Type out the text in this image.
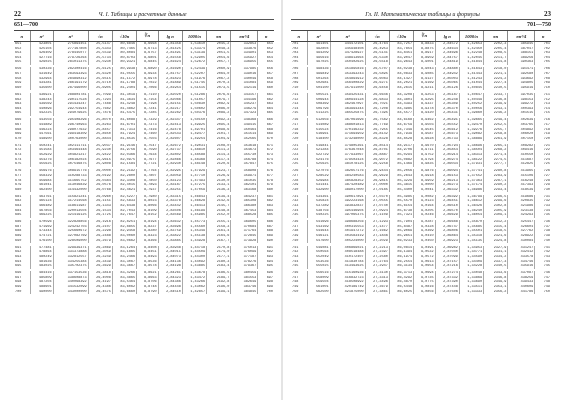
22	Ч. I. Таблицы и расчетные данные
651—700
n	n²	n³	√n	√10n	∛n	lg n	1000/n	πn	πn²/4	n
651	423801	275894451	25,5147	80,6846	8,6668	2,81358	1,53610	2045,2	332853	651
652	425104	277167808	25,5343	80,7465	8,6713	2,81425	1,53374	2048,3	333876	652
653	426409	278445077	25,5539	80,8084	8,6757	2,81491	1,53139	2051,5	334901	653
654	427716	279726264	25,5734	80,8703	8,6801	2,81558	1,52905	2054,6	335927	654
655	429025	281011375	25,5930	80,9321	8,6845	2,81624	1,52672	2057,7	336955	655

656	430336	282300416	25,6125	80,9938	8,6890	2,81690	1,52439	2060,9	337985	656
657	431649	283593393	25,6320	81,0555	8,6934	2,81757	1,52207	2064,0	339016	657
658	432964	284890312	25,6515	81,1172	8,6978	2,81823	1,51976	2067,2	340049	658
659	434281	286191179	25,6710	81,1788	8,7022	2,81889	1,51745	2070,3	341084	659
660	435600	287496000	25,6905	81,2404	8,7066	2,81954	1,51515	2073,5	342119	660

661	436921	288804781	25,7099	81,3019	8,7110	2,82020	1,51286	2076,6	343157	661
662	438244	290117528	25,7294	81,3634	8,7154	2,82086	1,51057	2079,7	344196	662
663	439569	291434247	25,7488	81,4248	8,7198	2,82151	1,50830	2082,9	345237	663
664	440896	292754944	25,7682	81,4862	8,7241	2,82217	1,50602	2086,0	346279	664
665	442225	294079625	25,7876	81,5475	8,7285	2,82282	1,50376	2089,2	347323	665

666	443556	295408296	25,8070	81,6088	8,7329	2,82347	1,50150	2092,3	348368	666
667	444889	296740963	25,8263	81,6701	8,7373	2,82413	1,49925	2095,4	349415	667
668	446224	298077632	25,8457	81,7313	8,7416	2,82478	1,49701	2098,6	350464	668
669	447561	299418309	25,8650	81,7924	8,7460	2,82543	1,49477	2101,7	351514	669
670	448900	300763000	25,8844	81,8535	8,7503	2,82607	1,49254	2104,9	352565	670

671	450241	302111711	25,9037	81,9146	8,7547	2,82672	1,49031	2108,0	353618	671
672	451584	303464448	25,9230	81,9756	8,7590	2,82737	1,48810	2111,2	354673	672
673	452929	304821217	25,9422	82,0366	8,7634	2,82802	1,48588	2114,3	355730	673
674	454276	306182024	25,9615	82,0975	8,7677	2,82866	1,48368	2117,4	356788	674
675	455625	307546875	25,9808	82,1584	8,7721	2,82930	1,48148	2120,6	357847	675

676	456976	308915776	26,0000	82,2192	8,7764	2,82995	1,47929	2123,7	358908	676
677	458329	310288733	26,0192	82,2800	8,7807	2,83059	1,47710	2126,9	359971	677
678	459684	311665752	26,0384	82,3408	8,7850	2,83123	1,47493	2130,0	361035	678
679	461041	313046839	26,0576	82,4015	8,7893	2,83187	1,47275	2133,1	362101	679
680	462400	314432000	26,0768	82,4621	8,7937	2,83251	1,47059	2136,3	363168	680

681	463761	315821241	26,0960	82,5227	8,7980	2,83315	1,46843	2139,4	364237	681
682	465124	317214568	26,1151	82,5833	8,8023	2,83378	1,46628	2142,6	365308	682
683	466489	318611987	26,1343	82,6438	8,8066	2,83442	1,46413	2145,7	366380	683
684	467856	320013504	26,1534	82,7043	8,8109	2,83506	1,46199	2148,8	367453	684
685	469225	321419125	26,1725	82,7647	8,8152	2,83569	1,45985	2152,0	368528	685

686	470596	322828856	26,1916	82,8251	8,8194	2,83632	1,45773	2155,1	369605	686
687	471969	324242703	26,2107	82,8855	8,8237	2,83696	1,45560	2158,3	370684	687
688	473344	325660672	26,2298	82,9458	8,8280	2,83759	1,45349	2161,4	371764	688
689	474721	327082769	26,2488	83,0060	8,8323	2,83822	1,45138	2164,6	372845	689
690	476100	328509000	26,2679	83,0662	8,8366	2,83885	1,44928	2167,7	373928	690

691	477481	329939371	26,2869	83,1264	8,8408	2,83948	1,44718	2170,8	375013	691
692	478864	331373888	26,3059	83,1865	8,8451	2,84011	1,44509	2174,0	376099	692
693	480249	332812557	26,3249	83,2466	8,8493	2,84073	1,44300	2177,1	377187	693
694	481636	334255384	26,3439	83,3067	8,8536	2,84136	1,44092	2180,3	378276	694
695	483025	335702375	26,3629	83,3667	8,8578	2,84198	1,43885	2183,4	379367	695

696	484416	337153536	26,3818	83,4266	8,8621	2,84261	1,43678	2186,5	380459	696
697	485809	338608873	26,4008	83,4865	8,8663	2,84323	1,43472	2189,7	381553	697
698	487204	340068392	26,4197	83,5464	8,8706	2,84386	1,43266	2192,8	382649	698
699	488601	341532099	26,4386	83,6062	8,8748	2,84448	1,43062	2196,0	383746	699
700	490000	343000000	26,4575	83,6660	8,8790	2,84510	1,42857	2199,1	384845	700
Гл. II. Математические таблицы и формулы	23
701—750
n	n²	n³	√n	√10n	∛n	lg n	1000/n	πn	πn²/4	n
701	491401	344472101	26,4764	83,7257	8,8833	2,84572	1,42653	2202,3	385945	701
702	492804	345948408	26,4953	83,7854	8,8875	2,84634	1,42450	2205,4	387047	702
703	494209	347428927	26,5141	83,8451	8,8917	2,84696	1,42248	2208,5	388151	703
704	495616	348913664	26,5330	83,9047	8,8959	2,84757	1,42045	2211,7	389256	704
705	497025	350402625	26,5518	83,9643	8,9001	2,84819	1,41844	2214,8	390363	705

706	498436	351895816	26,5707	84,0238	8,9043	2,84880	1,41643	2218,0	391471	706
707	499849	353393243	26,5895	84,0833	8,9085	2,84942	1,41443	2221,1	392580	707
708	501264	354894912	26,6083	84,1427	8,9127	2,85003	1,41243	2224,2	393692	708
709	502681	356400829	26,6271	84,2021	8,9169	2,85065	1,41044	2227,4	394805	709
710	504100	357911000	26,6458	84,2615	8,9211	2,85126	1,40845	2230,5	395919	710

711	505521	359425431	26,6646	84,3208	8,9253	2,85187	1,40647	2233,7	397035	711
712	506944	360944128	26,6833	84,3801	8,9295	2,85248	1,40449	2236,8	398153	712
713	508369	362467097	26,7021	84,4393	8,9337	2,85309	1,40252	2239,9	399272	713
714	509796	363994344	26,7208	84,4985	8,9378	2,85370	1,40056	2243,1	400393	714
715	511225	365525875	26,7395	84,5577	8,9420	2,85431	1,39860	2246,2	401515	715

716	512656	367061696	26,7582	84,6168	8,9462	2,85491	1,39665	2249,4	402639	716
717	514089	368601813	26,7769	84,6759	8,9503	2,85552	1,39470	2252,5	403765	717
718	515524	370146232	26,7955	84,7349	8,9545	2,85612	1,39276	2255,7	404892	718
719	516961	371694959	26,8142	84,7939	8,9587	2,85673	1,39082	2258,8	406020	719
720	518400	373248000	26,8328	84,8528	8,9628	2,85733	1,38889	2261,9	407150	720

721	519841	374805361	26,8514	84,9117	8,9670	2,85794	1,38696	2265,1	408282	721
722	521284	376367048	26,8701	84,9706	8,9711	2,85854	1,38504	2268,2	409416	722
723	522729	377933067	26,8887	85,0294	8,9752	2,85914	1,38313	2271,4	410550	723
724	524176	379503424	26,9072	85,0882	8,9794	2,85974	1,38122	2274,5	411687	724
725	525625	381078125	26,9258	85,1469	8,9835	2,86034	1,37931	2277,7	412825	725

726	527076	382657176	26,9444	85,2056	8,9876	2,86094	1,37741	2280,8	413965	726
727	528529	384240583	26,9629	85,2643	8,9918	2,86153	1,37552	2283,9	415106	727
728	529984	385828352	26,9815	85,3229	8,9959	2,86213	1,37363	2287,1	416248	728
729	531441	387420489	27,0000	85,3815	9,0000	2,86273	1,37174	2290,2	417393	729
730	532900	389017000	27,0185	85,4400	9,0041	2,86332	1,36986	2293,4	418539	730

731	534361	390617891	27,0370	85,4985	9,0082	2,86392	1,36799	2296,5	419686	731
732	535824	392223168	27,0555	85,5570	9,0123	2,86451	1,36612	2299,6	420835	732
733	537289	393832837	27,0740	85,6154	9,0164	2,86510	1,36426	2302,8	421986	733
734	538756	395446904	27,0924	85,6738	9,0205	2,86570	1,36240	2305,9	423138	734
735	540225	397065375	27,1109	85,7321	9,0246	2,86629	1,36054	2309,1	424293	735

736	541696	398688256	27,1293	85,7904	9,0287	2,86688	1,35870	2312,2	425447	736
737	543169	400315553	27,1477	85,8487	9,0328	2,86747	1,35685	2315,4	426604	737
738	544644	401947272	27,1662	85,9069	9,0369	2,86806	1,35501	2318,5	427762	738
739	546121	403583419	27,1846	85,9651	9,0410	2,86864	1,35318	2321,6	428922	739
740	547600	405224000	27,2029	86,0233	9,0450	2,86923	1,35135	2324,8	430084	740

741	549081	406869021	27,2213	86,0814	9,0491	2,86982	1,34953	2327,9	431247	741
742	550564	408518488	27,2397	86,1394	9,0532	2,87040	1,34771	2331,1	432412	742
743	552049	410172407	27,2580	86,1974	9,0572	2,87099	1,34590	2334,2	433578	743
744	553536	411830784	27,2764	86,2554	9,0613	2,87157	1,34409	2337,3	434746	744
745	555025	413493625	27,2947	86,3134	9,0654	2,87216	1,34228	2340,5	435916	745

746	556516	415160936	27,3130	86,3713	9,0694	2,87274	1,34048	2343,6	437087	746
747	558009	416832723	27,3313	86,4292	9,0735	2,87332	1,33869	2346,8	438259	747
748	559504	418508992	27,3496	86,4870	9,0775	2,87390	1,33690	2349,9	439433	748
749	561001	420189749	27,3679	86,5448	9,0816	2,87448	1,33511	2353,1	440609	749
750	562500	421875000	27,3861	86,6025	9,0856	2,87506	1,33333	2356,2	441786	750
